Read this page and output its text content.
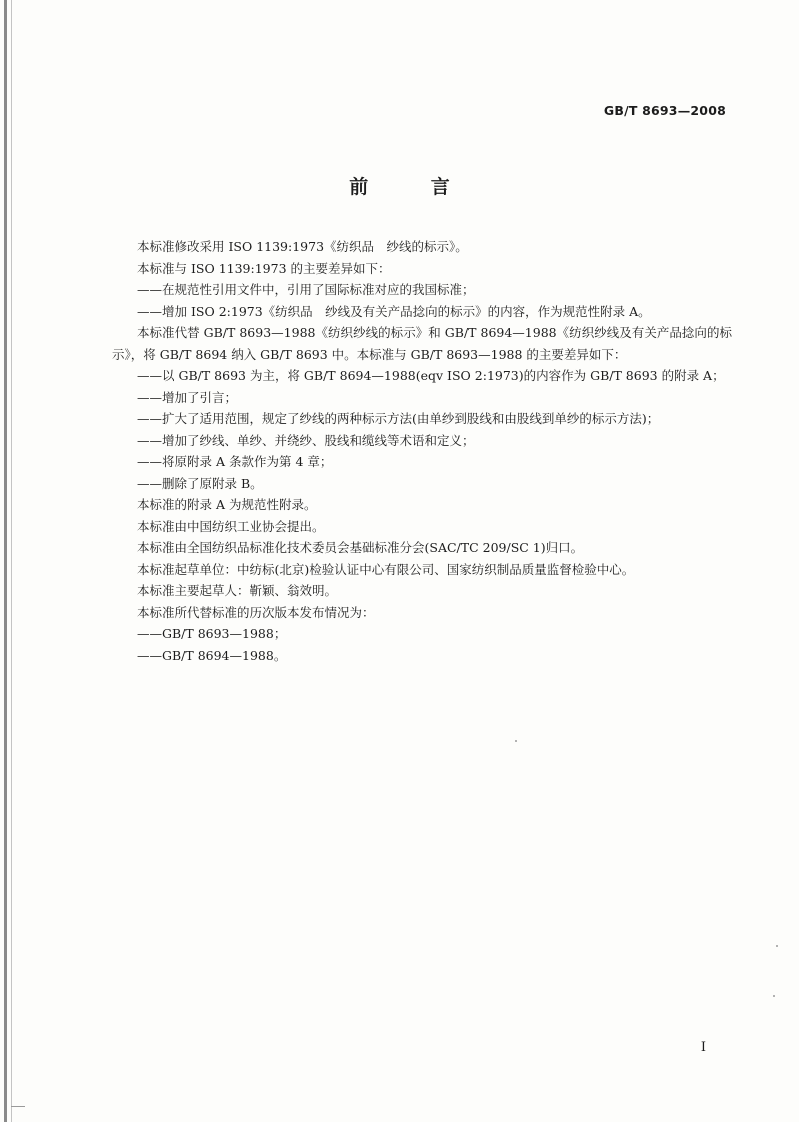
GB/T 8693—2008
前 言
本标准修改采用 ISO 1139:1973《纺织品　纱线的标示》。
本标准与 ISO 1139:1973 的主要差异如下：
——在规范性引用文件中，引用了国际标准对应的我国标准；
——增加 ISO 2:1973《纺织品　纱线及有关产品捻向的标示》的内容，作为规范性附录 A。
本标准代替 GB/T 8693—1988《纺织纱线的标示》和 GB/T 8694—1988《纺织纱线及有关产品捻向的标示》，将 GB/T 8694 纳入 GB/T 8693 中。本标准与 GB/T 8693—1988 的主要差异如下：
——以 GB/T 8693 为主，将 GB/T 8694—1988(eqv ISO 2:1973)的内容作为 GB/T 8693 的附录 A；
——增加了引言；
——扩大了适用范围，规定了纱线的两种标示方法(由单纱到股线和由股线到单纱的标示方法)；
——增加了纱线、单纱、并绕纱、股线和缆线等术语和定义；
——将原附录 A 条款作为第 4 章；
——删除了原附录 B。
本标准的附录 A 为规范性附录。
本标准由中国纺织工业协会提出。
本标准由全国纺织品标准化技术委员会基础标准分会(SAC/TC 209/SC 1)归口。
本标准起草单位：中纺标(北京)检验认证中心有限公司、国家纺织制品质量监督检验中心。
本标准主要起草人：靳颖、翁效明。
本标准所代替标准的历次版本发布情况为：
——GB/T 8693—1988；
——GB/T 8694—1988。
I
